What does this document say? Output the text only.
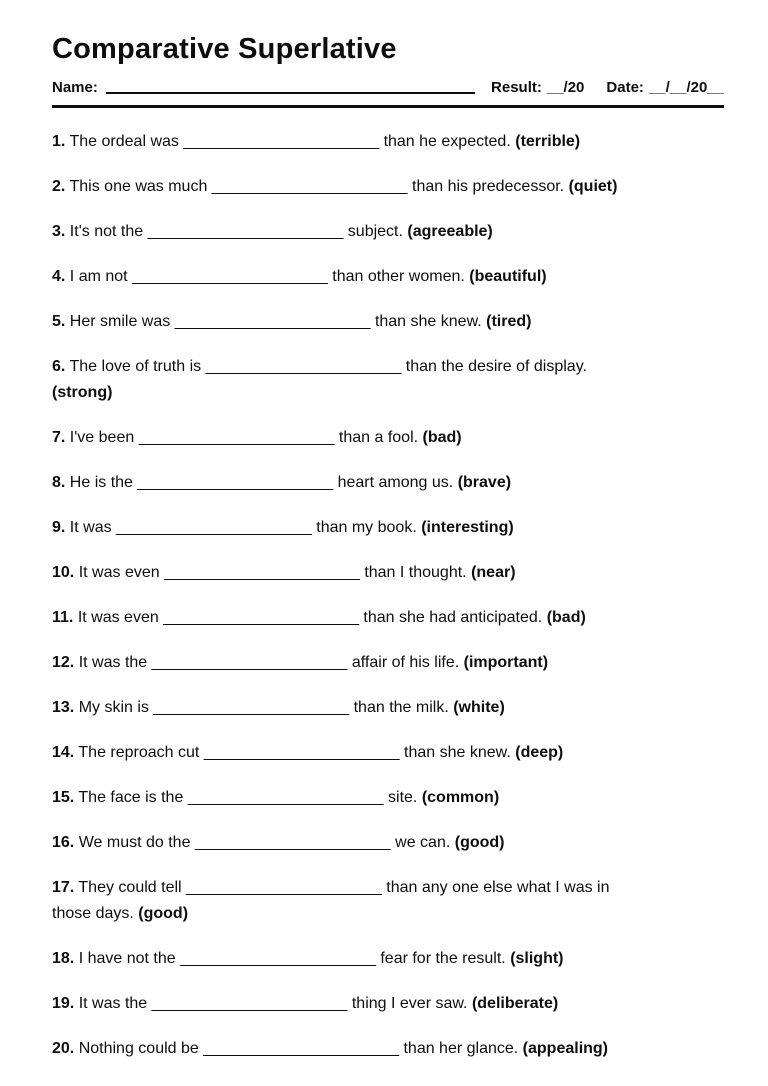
Comparative Superlative
Name:	Result: __/20 Date: __/__/20__

1. The ordeal was ______________________ than he expected. (terrible)

2. This one was much ______________________ than his predecessor. (quiet)

3. It's not the ______________________ subject. (agreeable)

4. I am not ______________________ than other women. (beautiful)

5. Her smile was ______________________ than she knew. (tired)

6. The love of truth is ______________________ than the desire of display.
(strong)

7. I've been ______________________ than a fool. (bad)

8. He is the ______________________ heart among us. (brave)

9. It was ______________________ than my book. (interesting)

10. It was even ______________________ than I thought. (near)

11. It was even ______________________ than she had anticipated. (bad)

12. It was the ______________________ affair of his life. (important)

13. My skin is ______________________ than the milk. (white)

14. The reproach cut ______________________ than she knew. (deep)

15. The face is the ______________________ site. (common)

16. We must do the ______________________ we can. (good)

17. They could tell ______________________ than any one else what I was in
those days. (good)

18. I have not the ______________________ fear for the result. (slight)

19. It was the ______________________ thing I ever saw. (deliberate)

20. Nothing could be ______________________ than her glance. (appealing)
